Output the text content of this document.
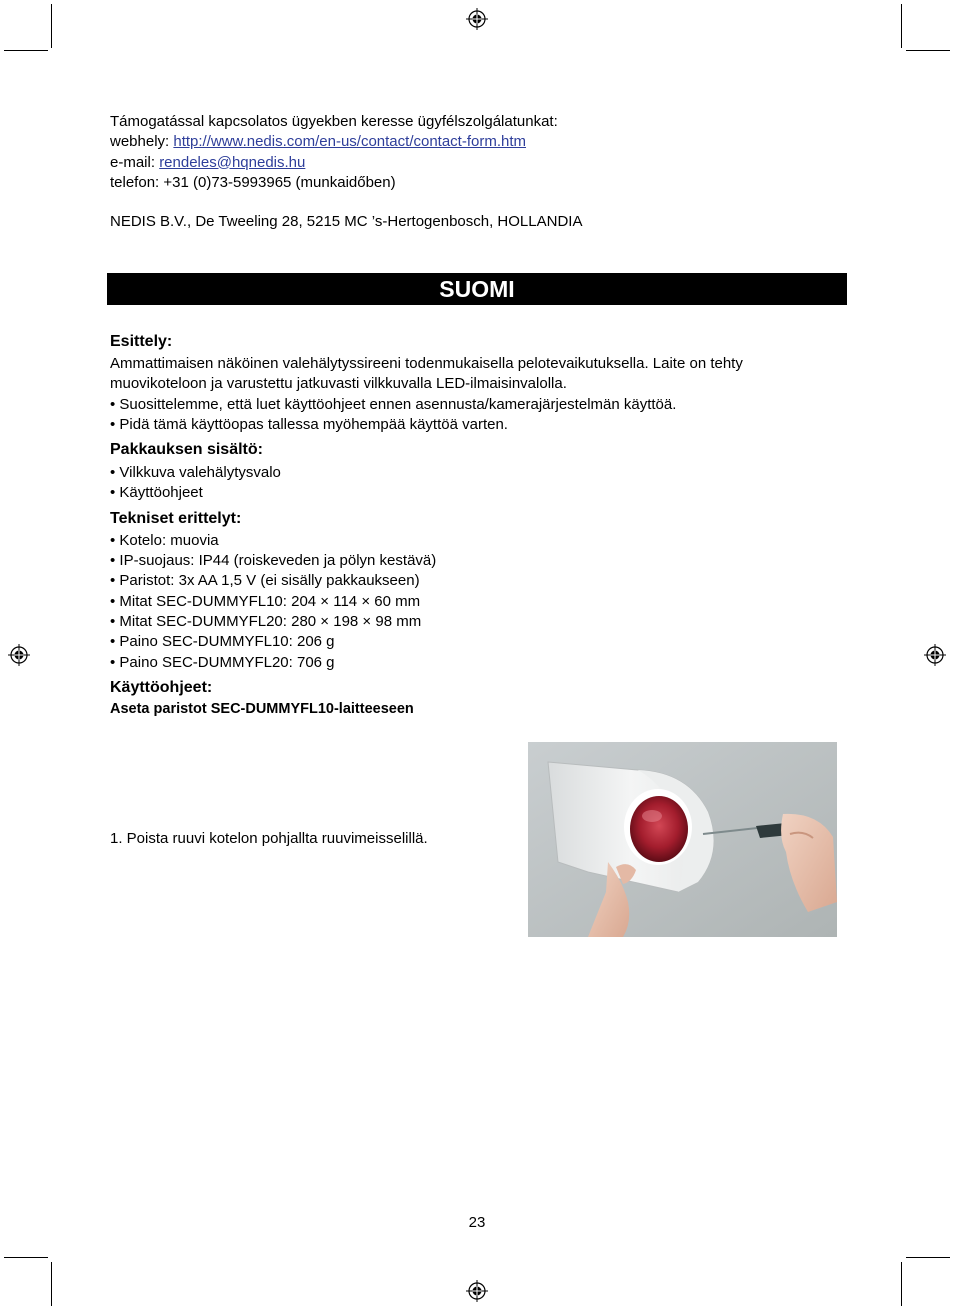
Támogatással kapcsolatos ügyekben keresse ügyfélszolgálatunkat:
webhely: http://www.nedis.com/en-us/contact/contact-form.htm
e-mail: rendeles@hqnedis.hu
telefon: +31 (0)73-5993965 (munkaidőben)
NEDIS B.V., De Tweeling 28, 5215 MC ’s-Hertogenbosch, HOLLANDIA
SUOMI
Esittely:

Ammattimaisen näköinen valehälytyssireeni todenmukaisella pelotevaikutuksella. Laite on tehty muovikoteloon ja varustettu jatkuvasti vilkkuvalla LED-ilmaisinvalolla.

• Suosittelemme, että luet käyttöohjeet ennen asennusta/kamerajärjestelmän käyttöä.

• Pidä tämä käyttöopas tallessa myöhempää käyttöä varten.

Pakkauksen sisältö:
• Vilkkuva valehälytysvalo
• Käyttöohjeet
Tekniset erittelyt:
• Kotelo: muovia
• IP-suojaus: IP44 (roiskeveden ja pölyn kestävä)
• Paristot: 3x AA 1,5 V (ei sisälly pakkaukseen)
• Mitat SEC-DUMMYFL10: 204 × 114 × 60 mm
• Mitat SEC-DUMMYFL20: 280 × 198 × 98 mm
• Paino SEC-DUMMYFL10: 206 g
• Paino SEC-DUMMYFL20: 706 g
Käyttöohjeet:
Aseta paristot SEC-DUMMYFL10-laitteeseen
1. Poista ruuvi kotelon pohjallta ruuvimeisselillä.
23
